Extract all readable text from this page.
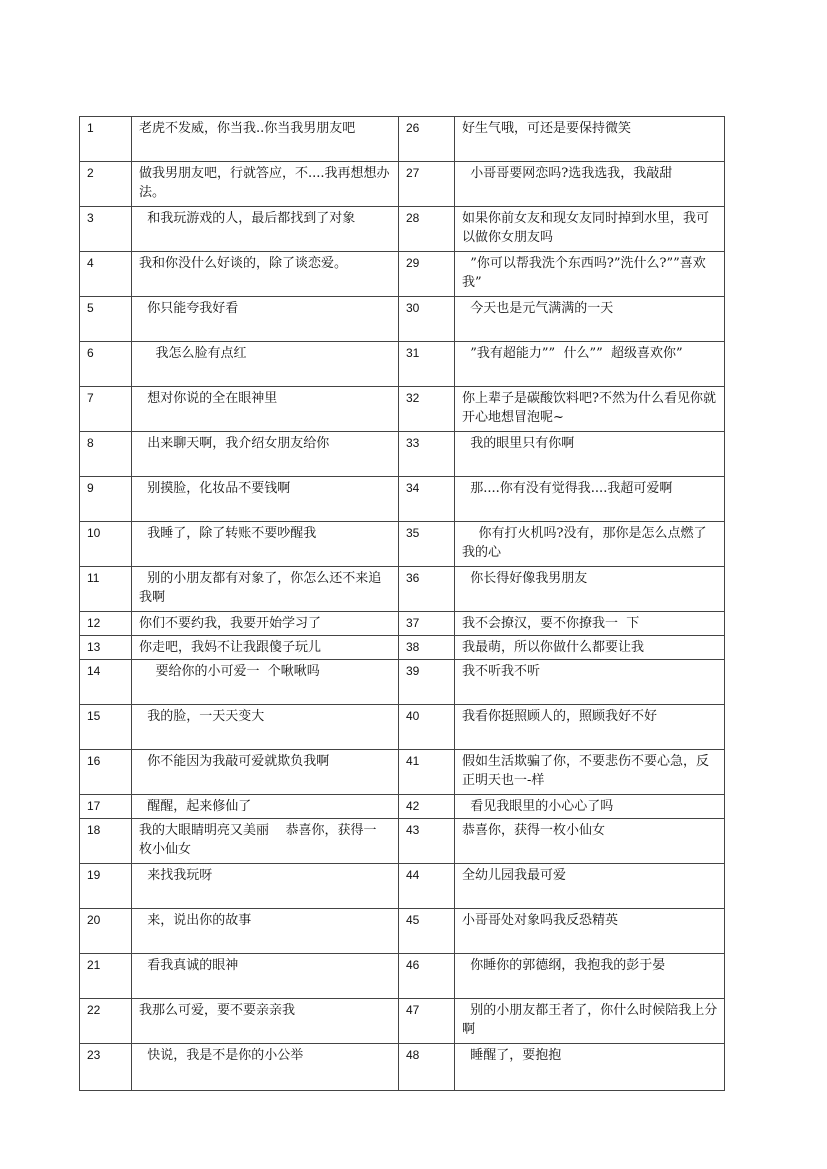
1	老虎不发威，你当我..你当我男朋友吧	26	好生气哦，可还是要保持微笑
2	做我男朋友吧，行就答应，不....我再想想办法。	27	小哥哥要网恋吗?选我选我，我敲甜
3	和我玩游戏的人，最后都找到了对象	28	如果你前女友和现女友同时掉到水里，我可以做你女朋友吗
4	我和你没什么好谈的，除了谈恋爱。	29	”你可以帮我洗个东西吗?”洗什么?””喜欢我”
5	你只能夸我好看	30	今天也是元气满满的一天
6	我怎么脸有点红	31	”我有超能力””  什么””  超级喜欢你”
7	想对你说的全在眼神里	32	你上辈子是碳酸饮料吧?不然为什么看见你就开心地想冒泡呢~
8	出来聊天啊，我介绍女朋友给你	33	我的眼里只有你啊
9	别摸脸，化妆品不要钱啊	34	那....你有没有觉得我....我超可爱啊
10	我睡了，除了转账不要吵醒我	35	你有打火机吗?没有，那你是怎么点燃了我的心
11	别的小朋友都有对象了，你怎么还不来追我啊	36	你长得好像我男朋友
12	你们不要约我，我要开始学习了	37	我不会撩汉，要不你撩我一  下
13	你走吧，我妈不让我跟傻子玩儿	38	我最萌，所以你做什么都要让我
14	要给你的小可爱一  个啾啾吗	39	我不听我不听
15	我的脸，一天天变大	40	我看你挺照顾人的，照顾我好不好
16	你不能因为我敲可爱就欺负我啊	41	假如生活欺骗了你，不要悲伤不要心急，反正明天也一-样
17	醒醒，起来修仙了	42	看见我眼里的小心心了吗
18	我的大眼睛明亮又美丽    恭喜你，获得一  枚小仙女	43	恭喜你，获得一枚小仙女
19	来找我玩呀	44	全幼儿园我最可爱
20	来，说出你的故事	45	小哥哥处对象吗我反恐精英
21	看我真诚的眼神	46	你睡你的郭德纲，我抱我的彭于晏
22	我那么可爱，要不要亲亲我	47	别的小朋友都王者了，你什么时候陪我上分啊
23	快说，我是不是你的小公举	48	睡醒了，要抱抱
